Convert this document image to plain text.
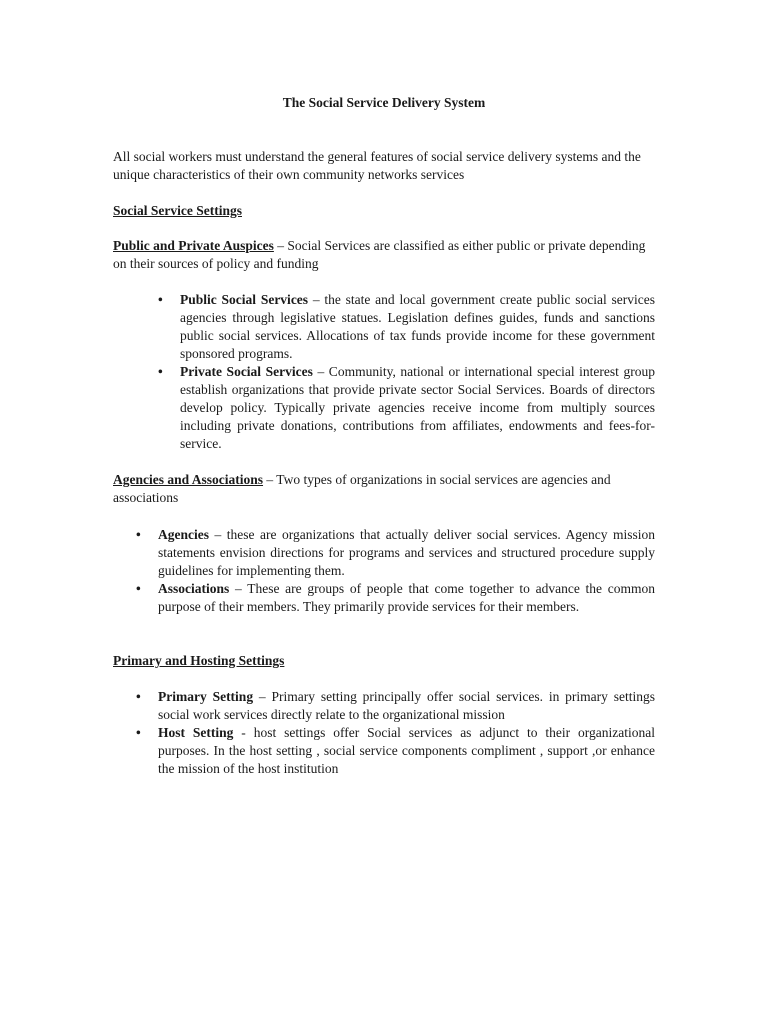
The Social Service Delivery System

All social workers must understand the general features of social service delivery systems and the unique characteristics of their own community networks services

Social Service Settings

Public and Private Auspices – Social Services are classified as either public or private depending on their sources of policy and funding

•	Public Social Services – the state and local government create public social services agencies through legislative statues. Legislation defines guides, funds and sanctions public social services. Allocations of tax funds provide income for these government sponsored programs.
•	Private Social Services – Community, national or international special interest group establish organizations that provide private sector Social Services. Boards of directors develop policy. Typically private agencies receive income from multiply sources including private donations, contributions from affiliates, endowments and fees-for-service.

Agencies and Associations – Two types of organizations in social services are agencies and associations

•	Agencies – these are organizations that actually deliver social services. Agency mission statements envision directions for programs and services and structured procedure supply guidelines for implementing them.
•	Associations – These are groups of people that come together to advance the common purpose of their members. They primarily provide services for their members.

Primary and Hosting Settings

•	Primary Setting – Primary setting principally offer social services. in primary settings social work services directly relate to the organizational mission
•	Host Setting - host settings offer Social services as adjunct to their organizational purposes. In the host setting , social service components compliment , support ,or enhance the mission of the host institution
